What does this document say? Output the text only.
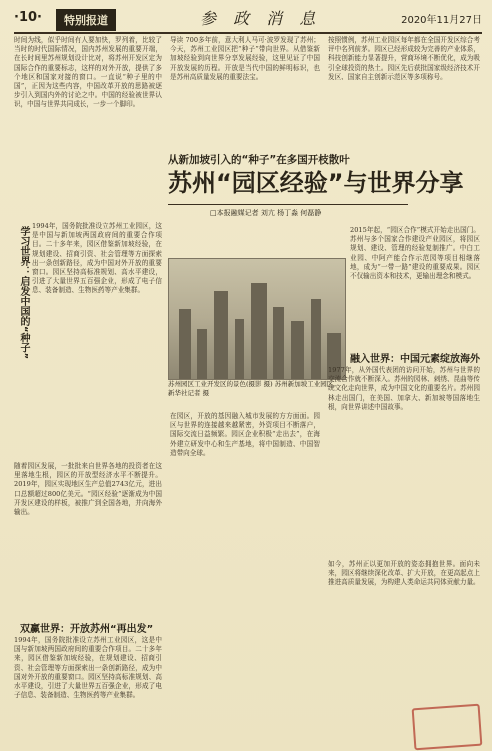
·10·	特别报道	参 政 消 息	2020年11月27日
时间为线，似乎时间有人要加快，罗列着，比较了当时的时代国际情况，国内苏州发展的重要开端，在长时间里苏州规划设计比对，将苏州开发区定为国际合作的重要标志，这样的对外开放，提供了多个地区和国家对接的窗口。一直说“种子里的中国”，正因为这些内容，中国改革开放的思路被逐步引入到国内外的讨论之中。中国的经验被世界认识，中国与世界共同成长，一步一个脚印。
学习世界：启发中国的“种子” 1994年，国务院批准设立苏州工业园区，这是中国与新加坡两国政府间的重要合作项目。二十多年来，园区借鉴新加坡经验，在规划建设、招商引资、社会管理等方面探索出一条创新路径，成为中国对外开放的重要窗口。园区坚持高标准规划、高水平建设，引进了大量世界五百强企业，形成了电子信息、装备制造、生物医药等产业集群。
随着园区发展，一批批来自世界各地的投资者在这里落地生根，园区的开放型经济水平不断提升。2019年，园区实现地区生产总值2743亿元，进出口总额超过800亿美元。“园区经验”逐渐成为中国开发区建设的样板，被推广到全国各地，并向海外输出。
双赢世界：开放苏州“再出发”
1994年，国务院批准设立苏州工业园区，这是中国与新加坡两国政府间的重要合作项目。二十多年来，园区借鉴新加坡经验，在规划建设、招商引资、社会管理等方面探索出一条创新路径，成为中国对外开放的重要窗口。园区坚持高标准规划、高水平建设，引进了大量世界五百强企业，形成了电子信息、装备制造、生物医药等产业集群。
导读 700多年前，意大利人马可·波罗发现了苏州；今天，苏州工业园区把“种子”带向世界。从借鉴新加坡经验到向世界分享发展经验，这里见证了中国开放发展的历程。开放是当代中国的鲜明标识，也是苏州高质量发展的重要法宝。
从新加坡引入的“种子”在多国开枝散叶
苏州“园区经验”与世界分享
□本报融媒记者 刘亢 杨丁淼 何磊静
苏州园区工业开发区的景色(摄影 摄) 苏州新加坡工业园区。新华社记者 摄
在园区，开放的基因融入城市发展的方方面面。园区与世界的连接越来越紧密，外资项目不断落户，国际交流日益频繁。园区企业积极“走出去”，在海外建立研发中心和生产基地，将中国制造、中国智造带向全球。
按照惯例，苏州工业园区每年都在全国开发区综合考评中名列前茅。园区已经形成较为完善的产业体系，科技创新能力显著提升，营商环境不断优化，成为吸引全球投资的热土。园区先后获批国家级经济技术开发区、国家自主创新示范区等多项称号。
2015年起，“园区合作”模式开始走出国门。苏州与多个国家合作建设产业园区，将园区规划、建设、管理的经验复制推广。中白工业园、中阿产能合作示范园等项目相继落地，成为“一带一路”建设的重要成果。园区不仅输出资本和技术，更输出理念和模式。
融入世界：中国元素绽放海外
1977年，从外国代表团的访问开始，苏州与世界的交流合作就不断深入。苏州的园林、刺绣、昆曲等传统文化走向世界，成为中国文化的重要名片。苏州园林走出国门，在美国、加拿大、新加坡等国落地生根，向世界讲述中国故事。
如今，苏州正以更加开放的姿态拥抱世界。面向未来，园区将继续深化改革、扩大开放，在更高起点上推进高质量发展，为构建人类命运共同体贡献力量。
